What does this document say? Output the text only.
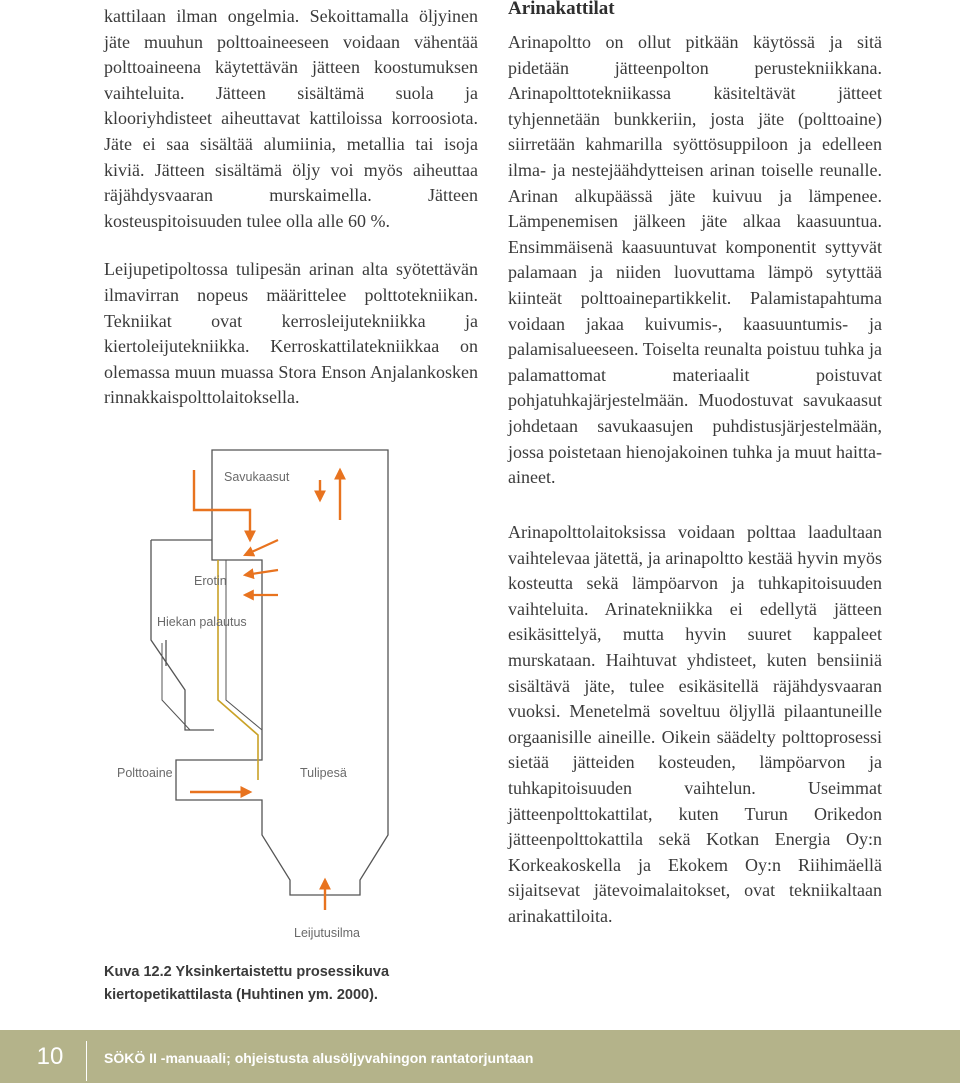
kattilaan ilman ongelmia. Sekoittamalla öljyinen jäte muuhun polttoaineeseen voidaan vähentää polttoaineena käytettävän jätteen koostumuksen vaihteluita. Jätteen sisältämä suola ja klooriyhdisteet aiheuttavat kattiloissa korroosiota. Jäte ei saa sisältää alumiinia, metallia tai isoja kiviä. Jätteen sisältämä öljy voi myös aiheuttaa räjähdysvaaran murskaimella. Jätteen kosteuspitoisuuden tulee olla alle 60 %.

Leijupetipoltossa tulipesän arinan alta syötettävän ilmavirran nopeus määrittelee polttotekniikan. Tekniikat ovat kerrosleijutekniikka ja kiertoleijutekniikka. Kerroskattilatekniikkaa on olemassa muun muassa Stora Enson Anjalankosken rinnakkaispolttolaitoksella.

Arinakattilat

Arinapoltto on ollut pitkään käytössä ja sitä pidetään jätteenpolton perustekniikkana. Arinapolttotekniikassa käsiteltävät jätteet tyhjennetään bunkkeriin, josta jäte (polttoaine) siirretään kahmarilla syöttösuppiloon ja edelleen ilma- ja nestejäähdytteisen arinan toiselle reunalle. Arinan alkupäässä jäte kuivuu ja lämpenee. Lämpenemisen jälkeen jäte alkaa kaasuuntua. Ensimmäisenä kaasuuntuvat komponentit syttyvät palamaan ja niiden luovuttama lämpö sytyttää kiinteät polttoainepartikkelit. Palamistapahtuma voidaan jakaa kuivumis-, kaasuuntumis- ja palamisalueeseen. Toiselta reunalta poistuu tuhka ja palamattomat materiaalit poistuvat pohjatuhkajärjestelmään. Muodostuvat savukaasut johdetaan savukaasujen puhdistusjärjestelmään, jossa poistetaan hienojakoinen tuhka ja muut haitta-aineet.

Arinapolttolaitoksissa voidaan polttaa laadultaan vaihtelevaa jätettä, ja arinapoltto kestää hyvin myös kosteutta sekä lämpöarvon ja tuhkapitoisuuden vaihteluita. Arinatekniikka ei edellytä jätteen esikäsittelyä, mutta hyvin suuret kappaleet murskataan. Haihtuvat yhdisteet, kuten bensiiniä sisältävä jäte, tulee esikäsitellä räjähdysvaaran vuoksi. Menetelmä soveltuu öljyllä pilaantuneille orgaanisille aineille. Oikein säädelty polttoprosessi sietää jätteiden kosteuden, lämpöarvon ja tuhkapitoisuuden vaihtelun. Useimmat jätteenpolttokattilat, kuten Turun Orikedon jätteenpolttokattila sekä Kotkan Energia Oy:n Korkeakoskella ja Ekokem Oy:n Riihimäellä sijaitsevat jätevoimalaitokset, ovat tekniikaltaan arinakattiloita.

Savukaasut
Erotin
Hiekan palautus
Polttoaine	Tulipesä
Leijutusilma
Kuva 12.2 Yksinkertaistettu prosessikuva kiertopetikattilasta (Huhtinen ym. 2000).
10	SÖKÖ II -manuaali; ohjeistusta alusöljyvahingon rantatorjuntaan
